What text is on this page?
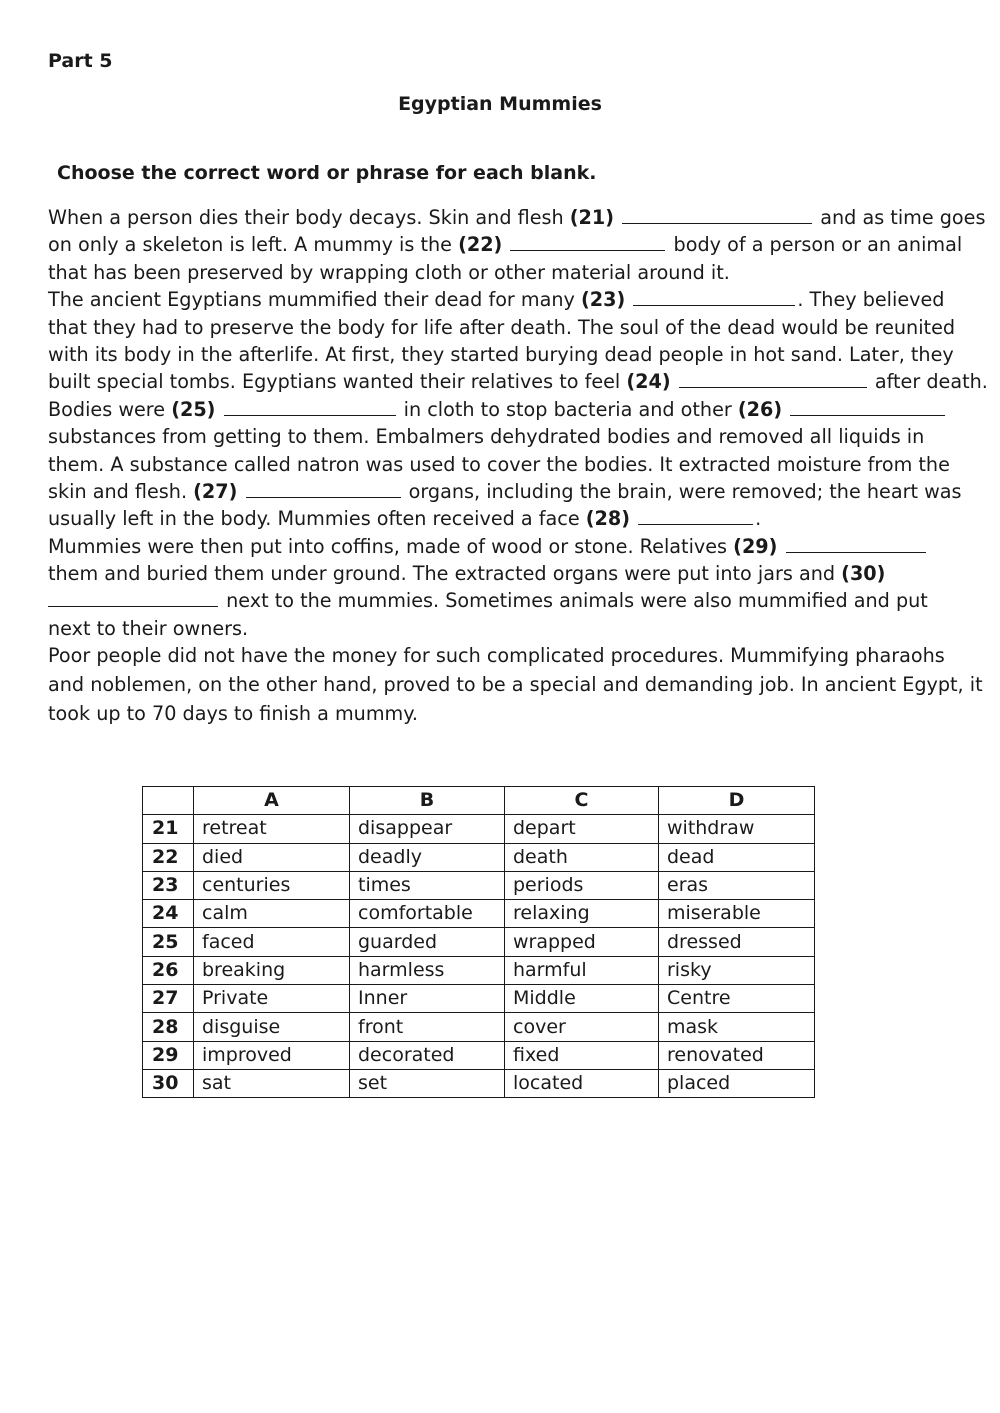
Part 5
Egyptian Mummies
Choose the correct word or phrase for each blank.
When a person dies their body decays. Skin and flesh (21)	and as time goes
on only a skeleton is left. A mummy is the (22)	body of a person or an animal
that has been preserved by wrapping cloth or other material around it.
The ancient Egyptians mummified their dead for many (23)	. They believed
that they had to preserve the body for life after death. The soul of the dead would be reunited
with its body in the afterlife. At first, they started burying dead people in hot sand. Later, they
built special tombs. Egyptians wanted their relatives to feel (24)	after death.
Bodies were (25)	in cloth to stop bacteria and other (26)
substances from getting to them. Embalmers dehydrated bodies and removed all liquids in
them. A substance called natron was used to cover the bodies. It extracted moisture from the
skin and flesh. (27)	organs, including the brain, were removed; the heart was
usually left in the body. Mummies often received a face (28)	.
Mummies were then put into coffins, made of wood or stone. Relatives (29)
them and buried them under ground. The extracted organs were put into jars and (30)
next to the mummies. Sometimes animals were also mummified and put
next to their owners.
Poor people did not have the money for such complicated procedures. Mummifying pharaohs
and noblemen, on the other hand, proved to be a special and demanding job. In ancient Egypt, it
took up to 70 days to finish a mummy.
	A	B	C	D
21	retreat	disappear	depart	withdraw
22	died	deadly	death	dead
23	centuries	times	periods	eras
24	calm	comfortable	relaxing	miserable
25	faced	guarded	wrapped	dressed
26	breaking	harmless	harmful	risky
27	Private	Inner	Middle	Centre
28	disguise	front	cover	mask
29	improved	decorated	fixed	renovated
30	sat	set	located	placed
